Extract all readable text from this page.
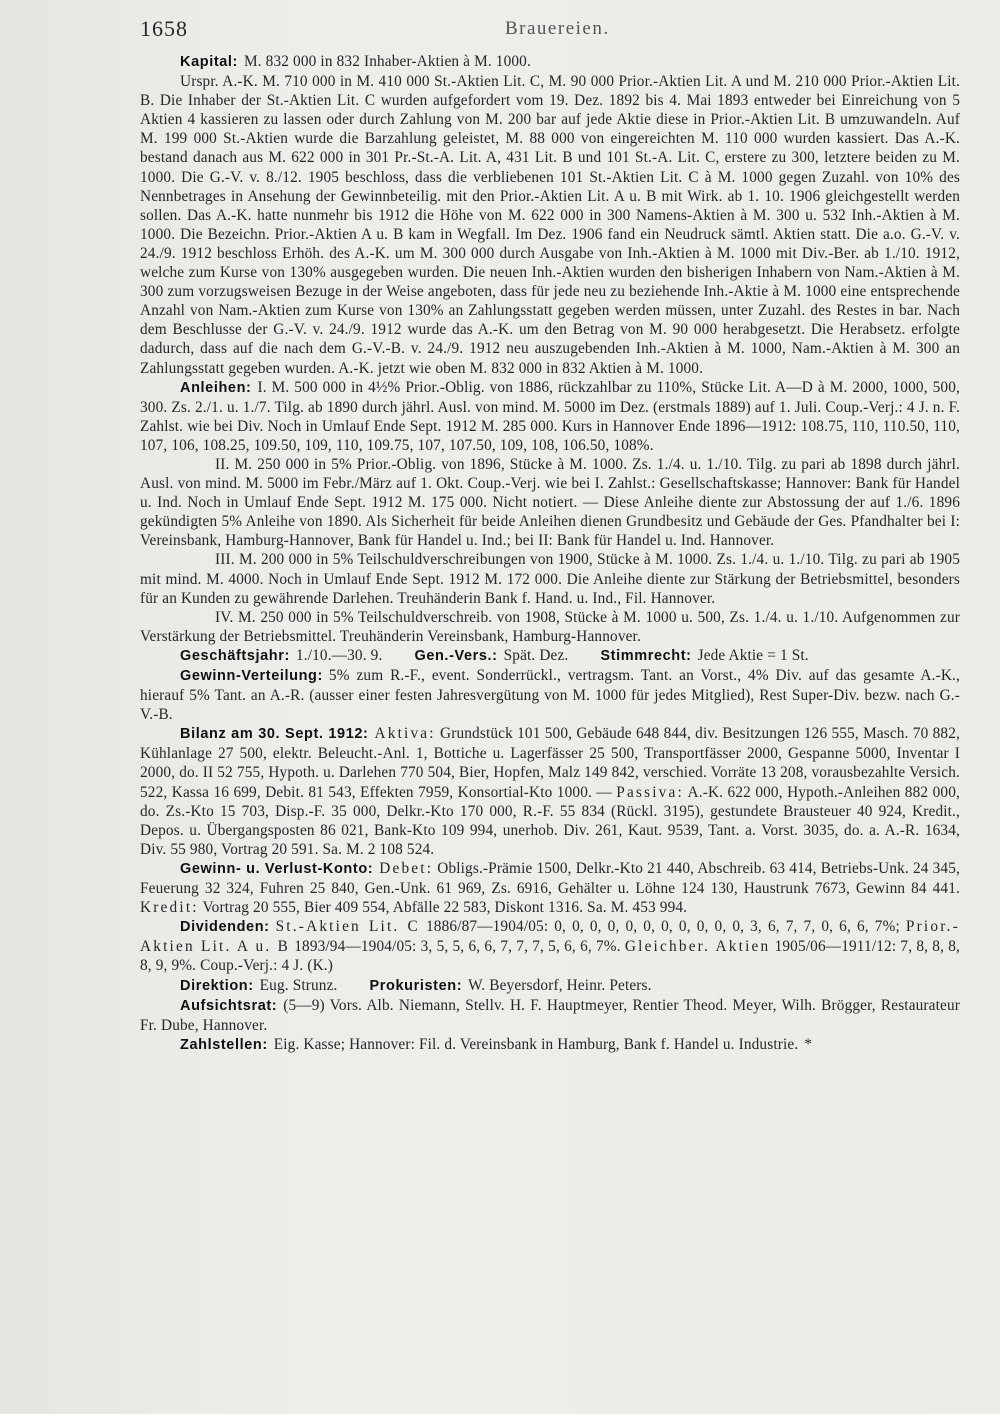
1658	Brauereien.

Kapital: M. 832 000 in 832 Inhaber-Aktien à M. 1000.

Urspr. A.-K. M. 710 000 in M. 410 000 St.-Aktien Lit. C, M. 90 000 Prior.-Aktien Lit. A und M. 210 000 Prior.-Aktien Lit. B. Die Inhaber der St.-Aktien Lit. C wurden aufgefordert vom 19. Dez. 1892 bis 4. Mai 1893 entweder bei Einreichung von 5 Aktien 4 kassieren zu lassen oder durch Zahlung von M. 200 bar auf jede Aktie diese in Prior.-Aktien Lit. B umzuwandeln. Auf M. 199 000 St.-Aktien wurde die Barzahlung geleistet, M. 88 000 von eingereichten M. 110 000 wurden kassiert. Das A.-K. bestand danach aus M. 622 000 in 301 Pr.-St.-A. Lit. A, 431 Lit. B und 101 St.-A. Lit. C, erstere zu 300, letztere beiden zu M. 1000. Die G.-V. v. 8./12. 1905 beschloss, dass die verbliebenen 101 St.-Aktien Lit. C à M. 1000 gegen Zuzahl. von 10% des Nennbetrages in Ansehung der Gewinnbeteilig. mit den Prior.-Aktien Lit. A u. B mit Wirk. ab 1. 10. 1906 gleichgestellt werden sollen. Das A.-K. hatte nunmehr bis 1912 die Höhe von M. 622 000 in 300 Namens-Aktien à M. 300 u. 532 Inh.-Aktien à M. 1000. Die Bezeichn. Prior.-Aktien A u. B kam in Wegfall. Im Dez. 1906 fand ein Neudruck sämtl. Aktien statt. Die a.o. G.-V. v. 24./9. 1912 beschloss Erhöh. des A.-K. um M. 300 000 durch Ausgabe von Inh.-Aktien à M. 1000 mit Div.-Ber. ab 1./10. 1912, welche zum Kurse von 130% ausgegeben wurden. Die neuen Inh.-Aktien wurden den bisherigen Inhabern von Nam.-Aktien à M. 300 zum vorzugsweisen Bezuge in der Weise angeboten, dass für jede neu zu beziehende Inh.-Aktie à M. 1000 eine entsprechende Anzahl von Nam.-Aktien zum Kurse von 130% an Zahlungsstatt gegeben werden müssen, unter Zuzahl. des Restes in bar. Nach dem Beschlusse der G.-V. v. 24./9. 1912 wurde das A.-K. um den Betrag von M. 90 000 herabgesetzt. Die Herabsetz. erfolgte dadurch, dass auf die nach dem G.-V.-B. v. 24./9. 1912 neu auszugebenden Inh.-Aktien à M. 1000, Nam.-Aktien à M. 300 an Zahlungsstatt gegeben wurden. A.-K. jetzt wie oben M. 832 000 in 832 Aktien à M. 1000.

Anleihen: I. M. 500 000 in 4½% Prior.-Oblig. von 1886, rückzahlbar zu 110%, Stücke Lit. A—D à M. 2000, 1000, 500, 300. Zs. 2./1. u. 1./7. Tilg. ab 1890 durch jährl. Ausl. von mind. M. 5000 im Dez. (erstmals 1889) auf 1. Juli. Coup.-Verj.: 4 J. n. F. Zahlst. wie bei Div. Noch in Umlauf Ende Sept. 1912 M. 285 000. Kurs in Hannover Ende 1896—1912: 108.75, 110, 110.50, 110, 107, 106, 108.25, 109.50, 109, 110, 109.75, 107, 107.50, 109, 108, 106.50, 108%.

II. M. 250 000 in 5% Prior.-Oblig. von 1896, Stücke à M. 1000. Zs. 1./4. u. 1./10. Tilg. zu pari ab 1898 durch jährl. Ausl. von mind. M. 5000 im Febr./März auf 1. Okt. Coup.-Verj. wie bei I. Zahlst.: Gesellschaftskasse; Hannover: Bank für Handel u. Ind. Noch in Umlauf Ende Sept. 1912 M. 175 000. Nicht notiert. — Diese Anleihe diente zur Abstossung der auf 1./6. 1896 gekündigten 5% Anleihe von 1890. Als Sicherheit für beide Anleihen dienen Grundbesitz und Gebäude der Ges. Pfandhalter bei I: Vereinsbank, Hamburg-Hannover, Bank für Handel u. Ind.; bei II: Bank für Handel u. Ind. Hannover.

III. M. 200 000 in 5% Teilschuldverschreibungen von 1900, Stücke à M. 1000. Zs. 1./4. u. 1./10. Tilg. zu pari ab 1905 mit mind. M. 4000. Noch in Umlauf Ende Sept. 1912 M. 172 000. Die Anleihe diente zur Stärkung der Betriebsmittel, besonders für an Kunden zu gewährende Darlehen. Treuhänderin Bank f. Hand. u. Ind., Fil. Hannover.

IV. M. 250 000 in 5% Teilschuldverschreib. von 1908, Stücke à M. 1000 u. 500, Zs. 1./4. u. 1./10. Aufgenommen zur Verstärkung der Betriebsmittel. Treuhänderin Vereinsbank, Hamburg-Hannover.

Geschäftsjahr: 1./10.—30. 9. Gen.-Vers.: Spät. Dez. Stimmrecht: Jede Aktie = 1 St.

Gewinn-Verteilung: 5% zum R.-F., event. Sonderrückl., vertragsm. Tant. an Vorst., 4% Div. auf das gesamte A.-K., hierauf 5% Tant. an A.-R. (ausser einer festen Jahresvergütung von M. 1000 für jedes Mitglied), Rest Super-Div. bezw. nach G.-V.-B.

Bilanz am 30. Sept. 1912: Aktiva: Grundstück 101 500, Gebäude 648 844, div. Besitzungen 126 555, Masch. 70 882, Kühlanlage 27 500, elektr. Beleucht.-Anl. 1, Bottiche u. Lagerfässer 25 500, Transportfässer 2000, Gespanne 5000, Inventar I 2000, do. II 52 755, Hypoth. u. Darlehen 770 504, Bier, Hopfen, Malz 149 842, verschied. Vorräte 13 208, vorausbezahlte Versich. 522, Kassa 16 699, Debit. 81 543, Effekten 7959, Konsortial-Kto 1000. — Passiva: A.-K. 622 000, Hypoth.-Anleihen 882 000, do. Zs.-Kto 15 703, Disp.-F. 35 000, Delkr.-Kto 170 000, R.-F. 55 834 (Rückl. 3195), gestundete Brausteuer 40 924, Kredit., Depos. u. Übergangsposten 86 021, Bank-Kto 109 994, unerhob. Div. 261, Kaut. 9539, Tant. a. Vorst. 3035, do. a. A.-R. 1634, Div. 55 980, Vortrag 20 591. Sa. M. 2 108 524.

Gewinn- u. Verlust-Konto: Debet: Obligs.-Prämie 1500, Delkr.-Kto 21 440, Abschreib. 63 414, Betriebs-Unk. 24 345, Feuerung 32 324, Fuhren 25 840, Gen.-Unk. 61 969, Zs. 6916, Gehälter u. Löhne 124 130, Haustrunk 7673, Gewinn 84 441. Kredit: Vortrag 20 555, Bier 409 554, Abfälle 22 583, Diskont 1316. Sa. M. 453 994.

Dividenden: St.-Aktien Lit. C 1886/87—1904/05: 0, 0, 0, 0, 0, 0, 0, 0, 0, 0, 0, 3, 6, 7, 7, 0, 6, 6, 7%; Prior.-Aktien Lit. A u. B 1893/94—1904/05: 3, 5, 5, 6, 6, 7, 7, 7, 5, 6, 6, 7%. Gleichber. Aktien 1905/06—1911/12: 7, 8, 8, 8, 8, 9, 9%. Coup.-Verj.: 4 J. (K.)

Direktion: Eug. Strunz. Prokuristen: W. Beyersdorf, Heinr. Peters.

Aufsichtsrat: (5—9) Vors. Alb. Niemann, Stellv. H. F. Hauptmeyer, Rentier Theod. Meyer, Wilh. Brögger, Restaurateur Fr. Dube, Hannover.

Zahlstellen: Eig. Kasse; Hannover: Fil. d. Vereinsbank in Hamburg, Bank f. Handel u. Industrie. *
